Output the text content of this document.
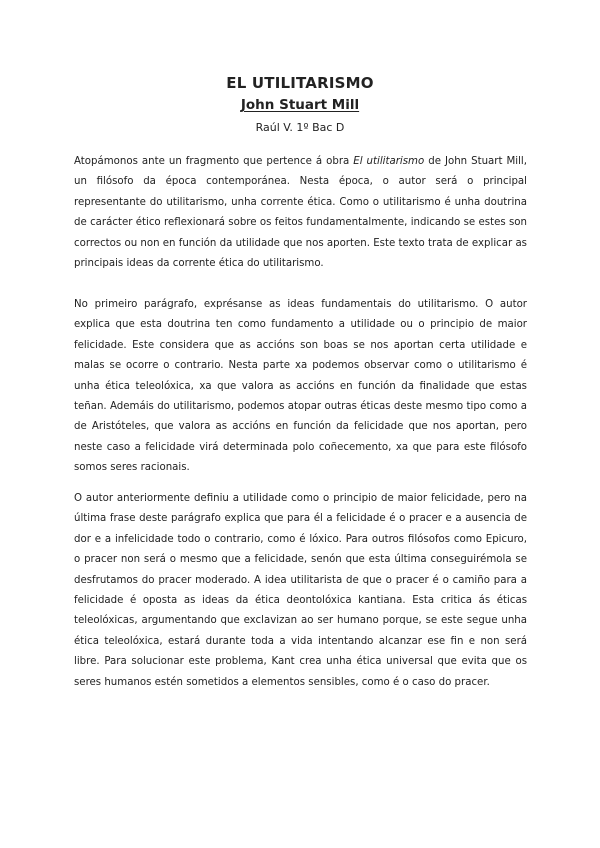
EL UTILITARISMO
John Stuart Mill
Raúl V. 1º Bac D

Atopámonos ante un fragmento que pertence á obra El utilitarismo de John Stuart Mill, un filósofo da época contemporánea. Nesta época, o autor será o principal representante do utilitarismo, unha corrente ética. Como o utilitarismo é unha doutrina de carácter ético reflexionará sobre os feitos fundamentalmente, indicando se estes son correctos ou non en función da utilidade que nos aporten. Este texto trata de explicar as principais ideas da corrente ética do utilitarismo.

No primeiro parágrafo, exprésanse as ideas fundamentais do utilitarismo. O autor explica que esta doutrina ten como fundamento a utilidade ou o principio de maior felicidade. Este considera que as accións son boas se nos aportan certa utilidade e malas se ocorre o contrario. Nesta parte xa podemos observar como o utilitarismo é unha ética teleolóxica, xa que valora as accións en función da finalidade que estas teñan. Ademáis do utilitarismo, podemos atopar outras éticas deste mesmo tipo como a de Aristóteles, que valora as accións en función da felicidade que nos aportan, pero neste caso a felicidade virá determinada polo coñecemento, xa que para este filósofo somos seres racionais.

O autor anteriormente definiu a utilidade como o principio de maior felicidade, pero na última frase deste parágrafo explica que para él a felicidade é o pracer e a ausencia de dor e a infelicidade todo o contrario, como é lóxico. Para outros filósofos como Epicuro, o pracer non será o mesmo que a felicidade, senón que esta última conseguirémola se desfrutamos do pracer moderado. A idea utilitarista de que o pracer é o camiño para a felicidade é oposta as ideas da ética deontolóxica kantiana. Esta critica ás éticas teleolóxicas, argumentando que exclavizan ao ser humano porque, se este segue unha ética teleolóxica, estará durante toda a vida intentando alcanzar ese fin e non será libre. Para solucionar este problema, Kant crea unha ética universal que evita que os seres humanos estén sometidos a elementos sensibles, como é o caso do pracer.
